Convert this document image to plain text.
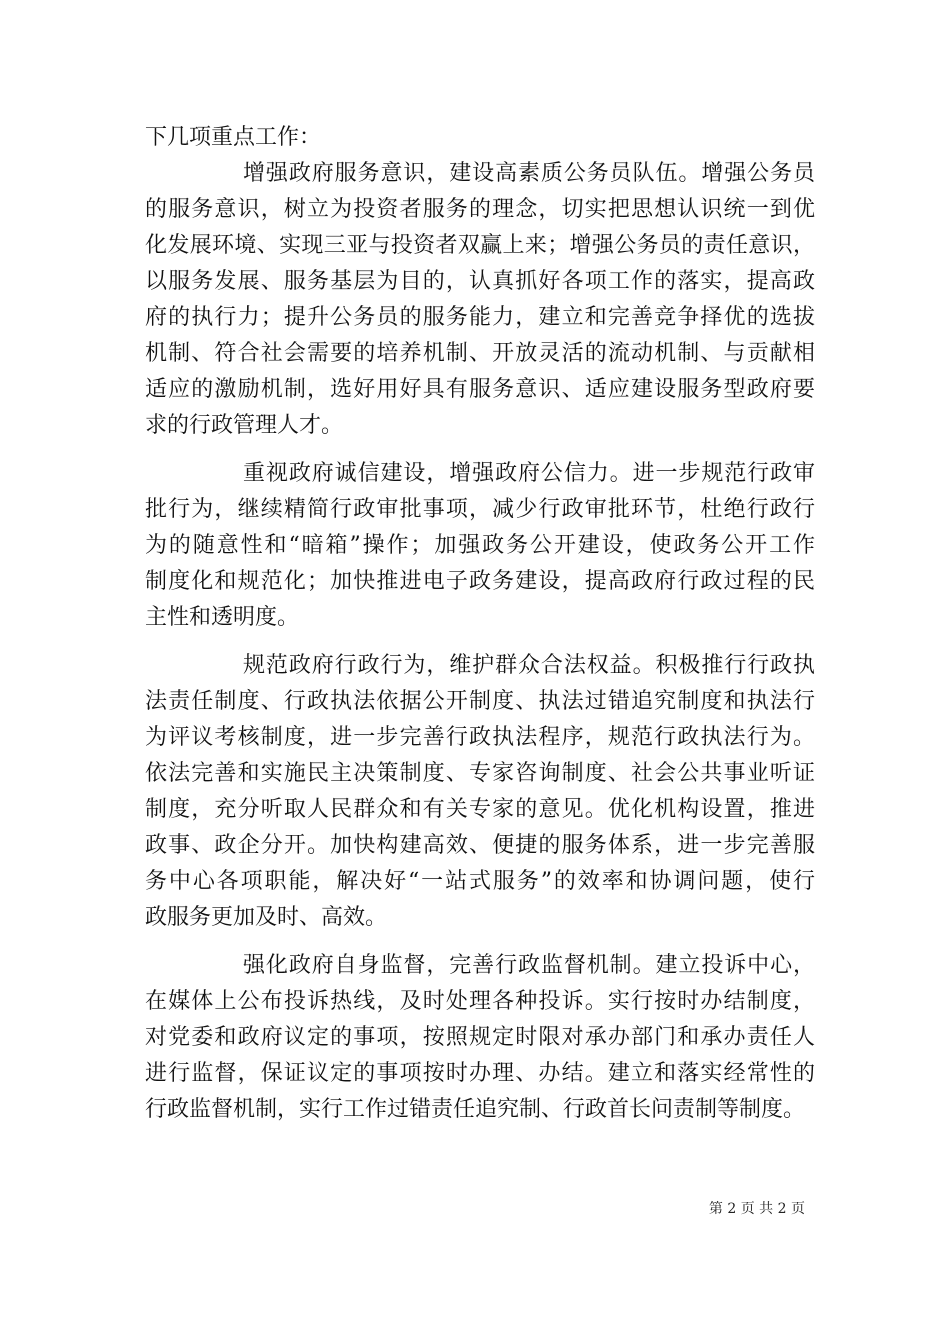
下几项重点工作：
增强政府服务意识，建设高素质公务员队伍。增强公务员
的服务意识，树立为投资者服务的理念，切实把思想认识统一到优
化发展环境、实现三亚与投资者双赢上来；增强公务员的责任意识，
以服务发展、服务基层为目的，认真抓好各项工作的落实，提高政
府的执行力；提升公务员的服务能力，建立和完善竞争择优的选拔
机制、符合社会需要的培养机制、开放灵活的流动机制、与贡献相
适应的激励机制，选好用好具有服务意识、适应建设服务型政府要
求的行政管理人才。
重视政府诚信建设，增强政府公信力。进一步规范行政审
批行为，继续精简行政审批事项，减少行政审批环节，杜绝行政行
为的随意性和“暗箱”操作；加强政务公开建设，使政务公开工作
制度化和规范化；加快推进电子政务建设，提高政府行政过程的民
主性和透明度。
规范政府行政行为，维护群众合法权益。积极推行行政执
法责任制度、行政执法依据公开制度、执法过错追究制度和执法行
为评议考核制度，进一步完善行政执法程序，规范行政执法行为。
依法完善和实施民主决策制度、专家咨询制度、社会公共事业听证
制度，充分听取人民群众和有关专家的意见。优化机构设置，推进
政事、政企分开。加快构建高效、便捷的服务体系，进一步完善服
务中心各项职能，解决好“一站式服务”的效率和协调问题，使行
政服务更加及时、高效。
强化政府自身监督，完善行政监督机制。建立投诉中心，
在媒体上公布投诉热线，及时处理各种投诉。实行按时办结制度，
对党委和政府议定的事项，按照规定时限对承办部门和承办责任人
进行监督，保证议定的事项按时办理、办结。建立和落实经常性的
行政监督机制，实行工作过错责任追究制、行政首长问责制等制度。
第 2 页 共 2 页
